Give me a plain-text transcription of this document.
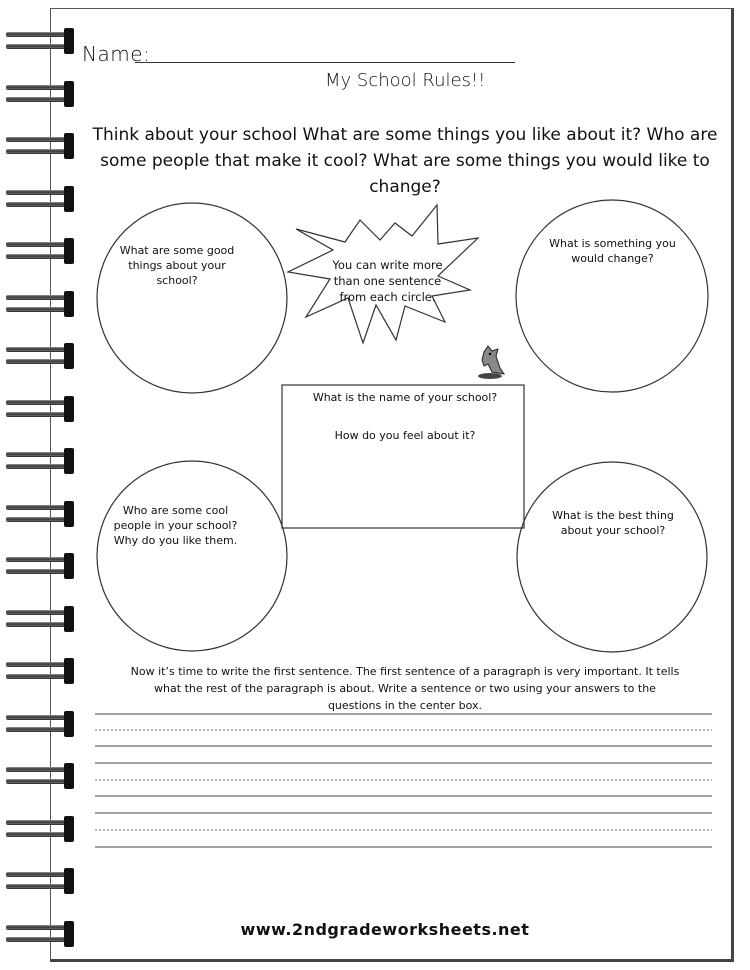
Name:
My School Rules!!
Think about your school What are some things you like about it? Who are some people that make it cool? What are some things you would like to change?
What are some good things about your school?
What is something you would change?
Who are some cool people in your school? Why do you like them.
What is the best thing about your school?
You can write more than one sentence from each circle.
What is the name of your school?
How do you feel about it?
Now it’s time to write the first sentence. The first sentence of a paragraph is very important. It tells what the rest of the paragraph is about. Write a sentence or two using your answers to the questions in the center box.
www.2ndgradeworksheets.net
